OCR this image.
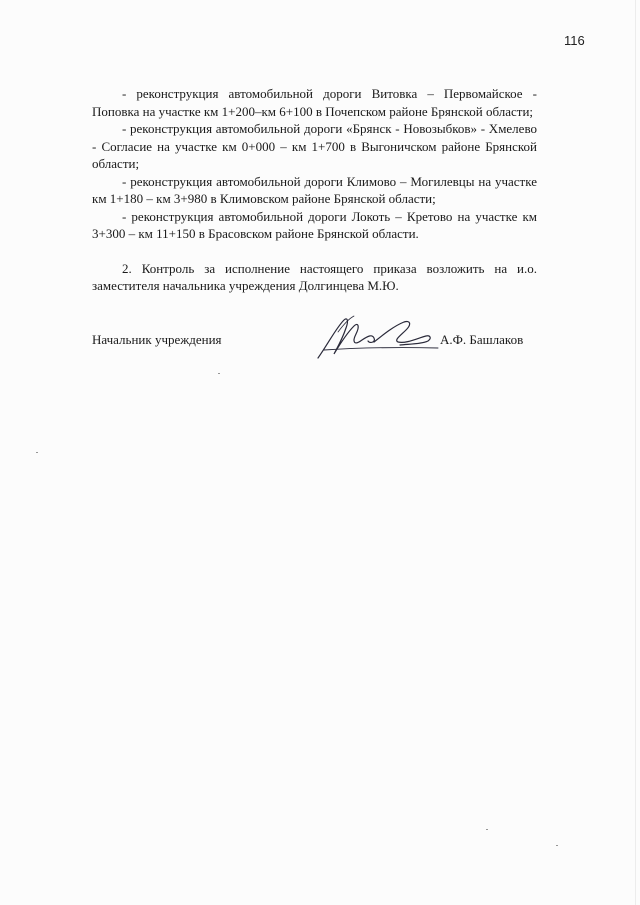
116

- реконструкция автомобильной дороги Витовка – Первомайское - Поповка на участке км 1+200–км 6+100 в Почепском районе Брянской области;

- реконструкция автомобильной дороги «Брянск - Новозыбков» - Хмелево - Согласие на участке км 0+000 – км 1+700 в Выгоничском районе Брянской области;

- реконструкция автомобильной дороги Климово – Могилевцы на участке км 1+180 – км 3+980 в Климовском районе Брянской области;

- реконструкция автомобильной дороги Локоть – Кретово на участке км 3+300 – км 11+150 в Брасовском районе Брянской области.

2. Контроль за исполнение настоящего приказа возложить на и.о. заместителя начальника учреждения Долгинцева М.Ю.

Начальник учреждения	А.Ф. Башлаков
